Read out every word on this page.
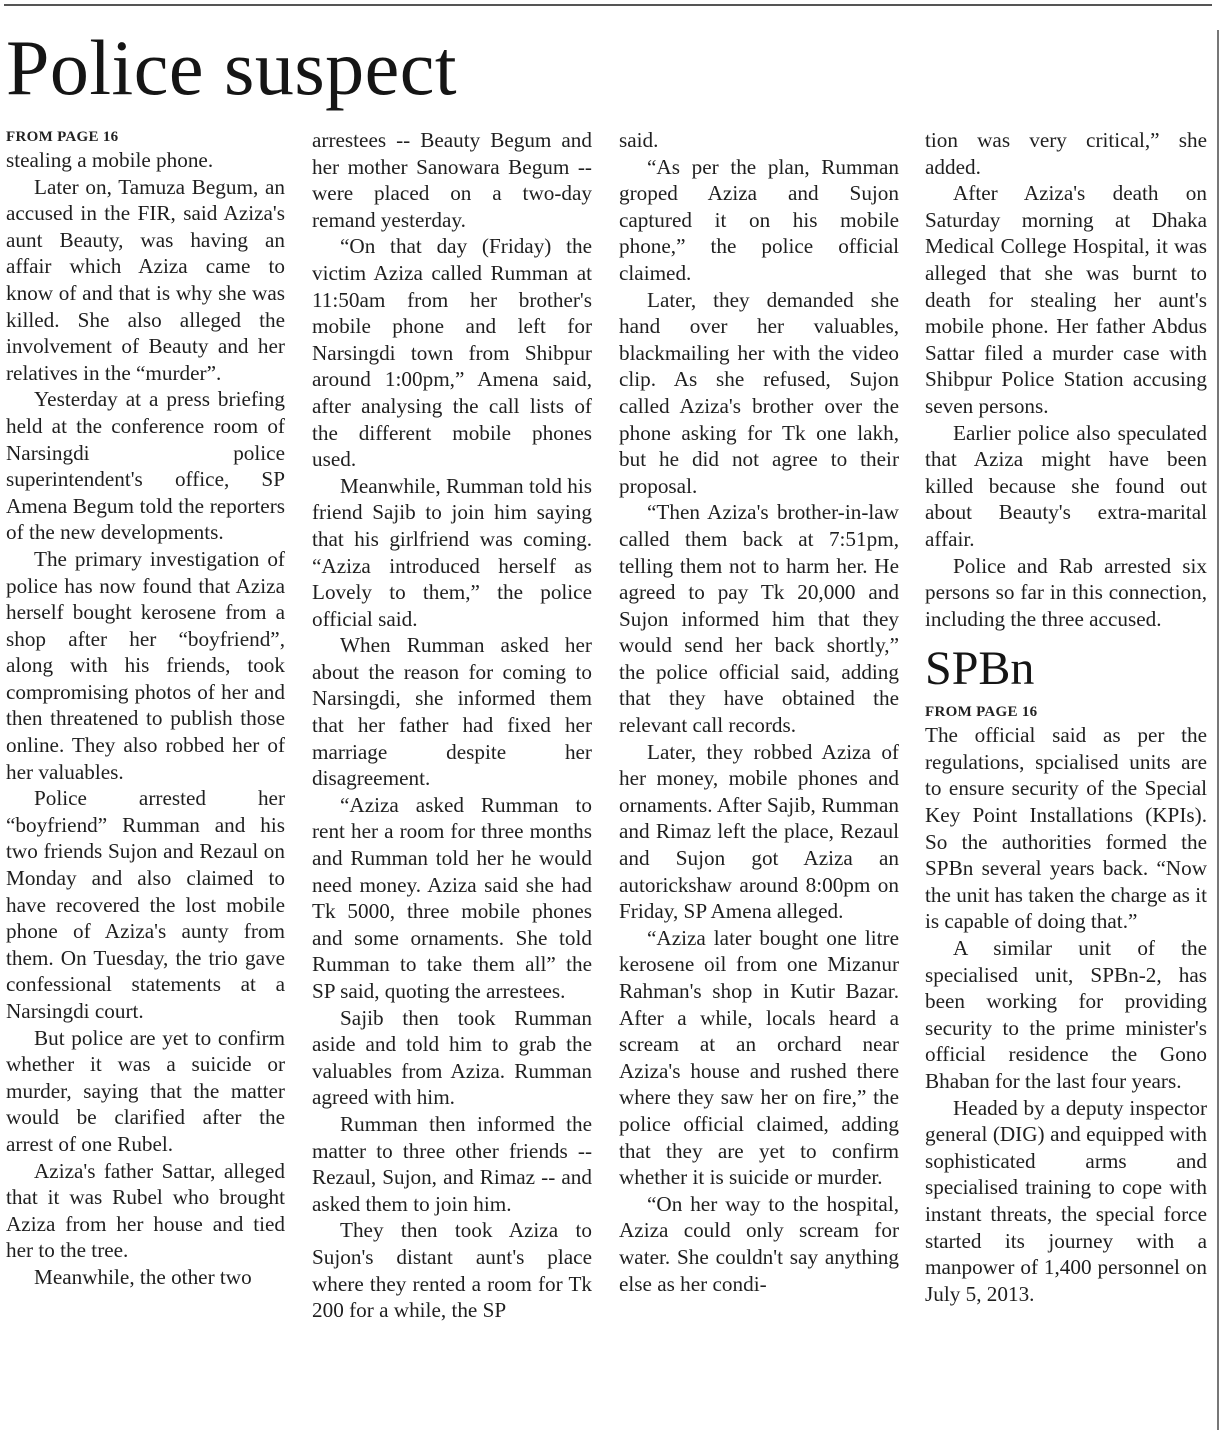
Police suspect
FROM PAGE 16

stealing a mobile phone.

Later on, Tamuza Begum, an accused in the FIR, said Aziza's aunt Beauty, was having an affair which Aziza came to know of and that is why she was killed. She also alleged the involvement of Beauty and her relatives in the “murder”.

Yesterday at a press briefing held at the conference room of Narsingdi police superintendent's office, SP Amena Begum told the reporters of the new developments.

The primary investigation of police has now found that Aziza herself bought kerosene from a shop after her “boyfriend”, along with his friends, took compromising photos of her and then threatened to publish those online. They also robbed her of her valuables.

Police arrested her “boyfriend” Rumman and his two friends Sujon and Rezaul on Monday and also claimed to have recovered the lost mobile phone of Aziza's aunty from them. On Tuesday, the trio gave confessional statements at a Narsingdi court.

But police are yet to confirm whether it was a suicide or murder, saying that the matter would be clarified after the arrest of one Rubel.

Aziza's father Sattar, alleged that it was Rubel who brought Aziza from her house and tied her to the tree.

Meanwhile, the other two

arrestees -- Beauty Begum and her mother Sanowara Begum -- were placed on a two-day remand yesterday.

“On that day (Friday) the victim Aziza called Rumman at 11:50am from her brother's mobile phone and left for Narsingdi town from Shibpur around 1:00pm,” Amena said, after analysing the call lists of the different mobile phones used.

Meanwhile, Rumman told his friend Sajib to join him saying that his girlfriend was coming. “Aziza introduced herself as Lovely to them,” the police official said.

When Rumman asked her about the reason for coming to Narsingdi, she informed them that her father had fixed her marriage despite her disagreement.

“Aziza asked Rumman to rent her a room for three months and Rumman told her he would need money. Aziza said she had Tk 5000, three mobile phones and some ornaments. She told Rumman to take them all” the SP said, quoting the arrestees.

Sajib then took Rumman aside and told him to grab the valuables from Aziza. Rumman agreed with him.

Rumman then informed the matter to three other friends -- Rezaul, Sujon, and Rimaz -- and asked them to join him.

They then took Aziza to Sujon's distant aunt's place where they rented a room for Tk 200 for a while, the SP

said.

“As per the plan, Rumman groped Aziza and Sujon captured it on his mobile phone,” the police official claimed.

Later, they demanded she hand over her valuables, blackmailing her with the video clip. As she refused, Sujon called Aziza's brother over the phone asking for Tk one lakh, but he did not agree to their proposal.

“Then Aziza's brother-in-law called them back at 7:51pm, telling them not to harm her. He agreed to pay Tk 20,000 and Sujon informed him that they would send her back shortly,” the police official said, adding that they have obtained the relevant call records.

Later, they robbed Aziza of her money, mobile phones and ornaments. After Sajib, Rumman and Rimaz left the place, Rezaul and Sujon got Aziza an autorickshaw around 8:00pm on Friday, SP Amena alleged.

“Aziza later bought one litre kerosene oil from one Mizanur Rahman's shop in Kutir Bazar. After a while, locals heard a scream at an orchard near Aziza's house and rushed there where they saw her on fire,” the police official claimed, adding that they are yet to confirm whether it is suicide or murder.

“On her way to the hospital, Aziza could only scream for water. She couldn't say anything else as her condi-

tion was very critical,” she added.

After Aziza's death on Saturday morning at Dhaka Medical College Hospital, it was alleged that she was burnt to death for stealing her aunt's mobile phone. Her father Abdus Sattar filed a murder case with Shibpur Police Station accusing seven persons.

Earlier police also speculated that Aziza might have been killed because she found out about Beauty's extra-marital affair.

Police and Rab arrested six persons so far in this connection, including the three accused.

SPBn
FROM PAGE 16

The official said as per the regulations, spcialised units are to ensure security of the Special Key Point Installations (KPIs). So the authorities formed the SPBn several years back. “Now the unit has taken the charge as it is capable of doing that.”

A similar unit of the specialised unit, SPBn-2, has been working for providing security to the prime minister's official residence the Gono Bhaban for the last four years.

Headed by a deputy inspector general (DIG) and equipped with sophisticated arms and specialised training to cope with instant threats, the special force started its journey with a manpower of 1,400 personnel on July 5, 2013.
